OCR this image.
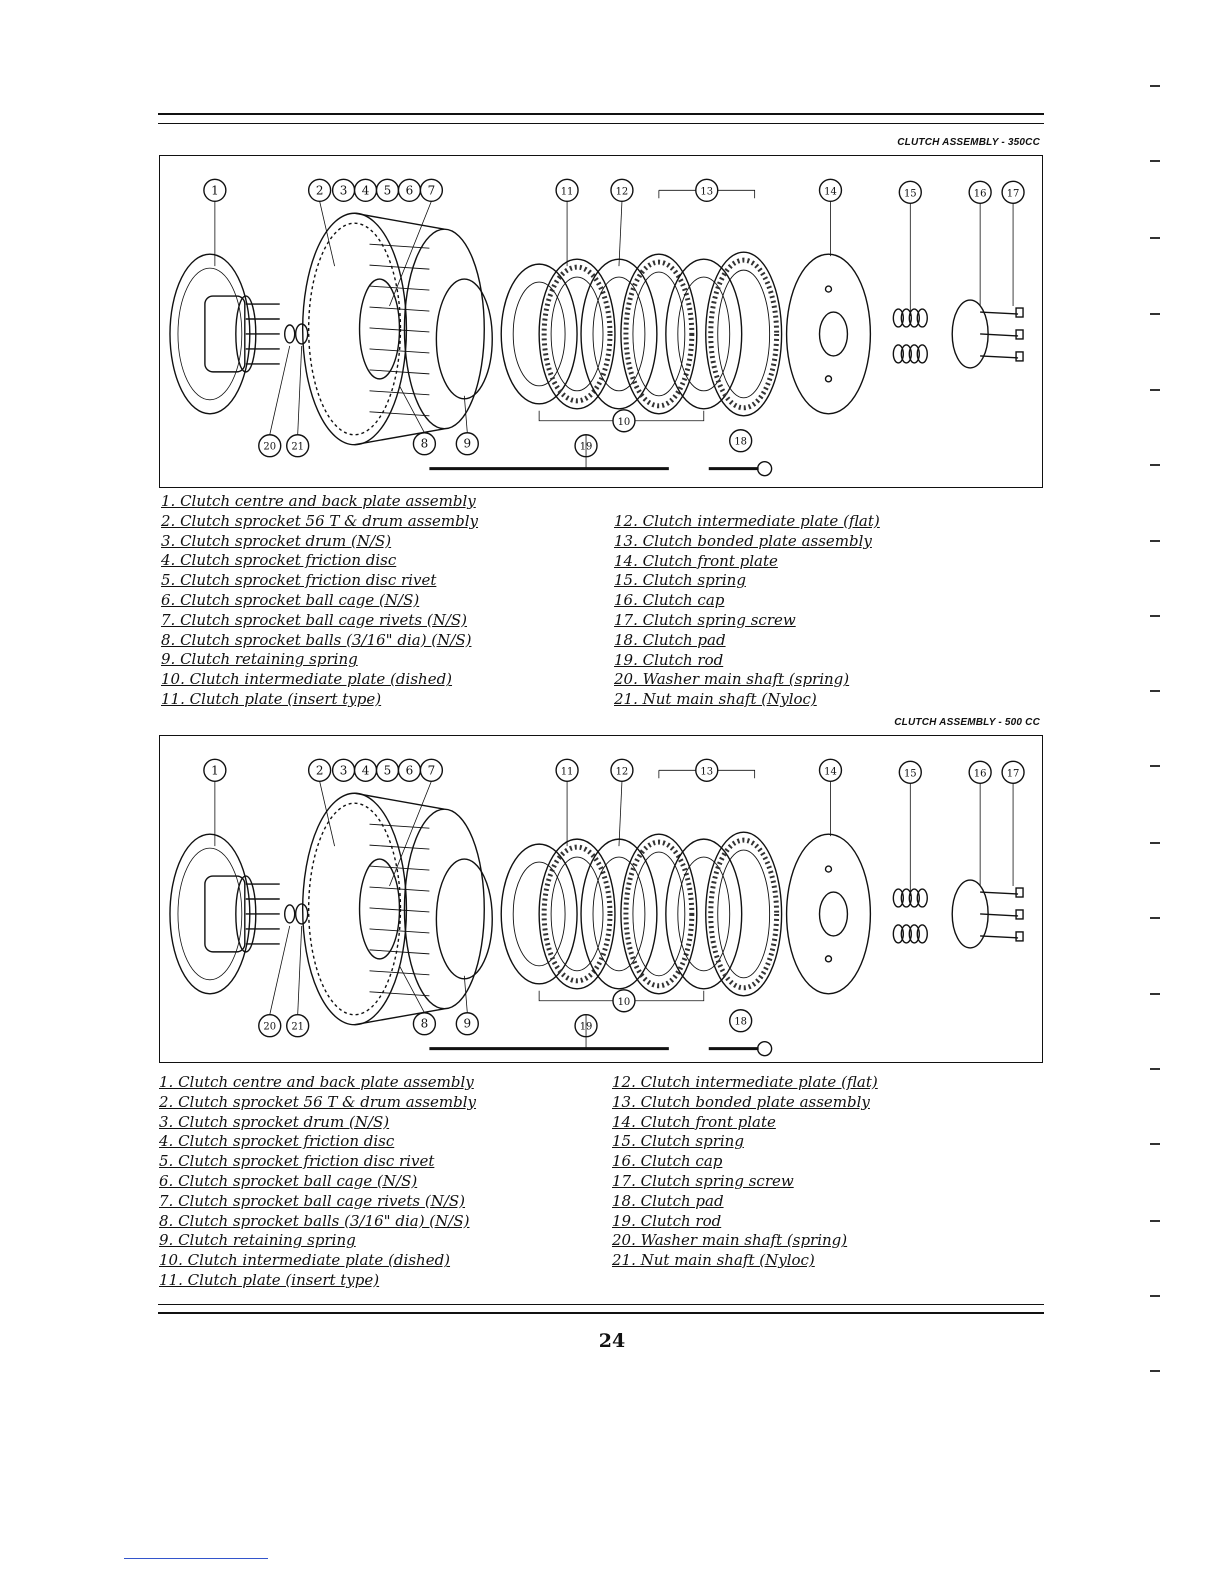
CLUTCH ASSEMBLY - 350CC
1	2 3 4 5 6 7	11	12	13	14	15	16 17
20 21	8	9
10
19	18
1. Clutch centre and back plate assembly
2. Clutch sprocket 56 T & drum assembly
3. Clutch sprocket drum (N/S)
4. Clutch sprocket friction disc
5. Clutch sprocket friction disc rivet
6. Clutch sprocket ball cage (N/S)
7. Clutch sprocket ball cage rivets (N/S)
8. Clutch sprocket balls (3/16" dia) (N/S)
9. Clutch retaining spring
10. Clutch intermediate plate (dished)
11. Clutch plate (insert type)
12. Clutch intermediate plate (flat)
13. Clutch bonded plate assembly
14. Clutch front plate
15. Clutch spring
16. Clutch cap
17. Clutch spring screw
18. Clutch pad
19. Clutch rod
20. Washer main shaft (spring)
21. Nut main shaft (Nyloc)
CLUTCH ASSEMBLY - 500 CC
1	2 3 4 5 6 7	11	12	13	14	15	16 17
20 21	8	9
10
19	18
1. Clutch centre and back plate assembly
2. Clutch sprocket 56 T & drum assembly
3. Clutch sprocket drum (N/S)
4. Clutch sprocket friction disc
5. Clutch sprocket friction disc rivet
6. Clutch sprocket ball cage (N/S)
7. Clutch sprocket ball cage rivets (N/S)
8. Clutch sprocket balls (3/16" dia) (N/S)
9. Clutch retaining spring
10. Clutch intermediate plate (dished)
11. Clutch plate (insert type)
12. Clutch intermediate plate (flat)
13. Clutch bonded plate assembly
14. Clutch front plate
15. Clutch spring
16. Clutch cap
17. Clutch spring screw
18. Clutch pad
19. Clutch rod
20. Washer main shaft (spring)
21. Nut main shaft (Nyloc)
24
